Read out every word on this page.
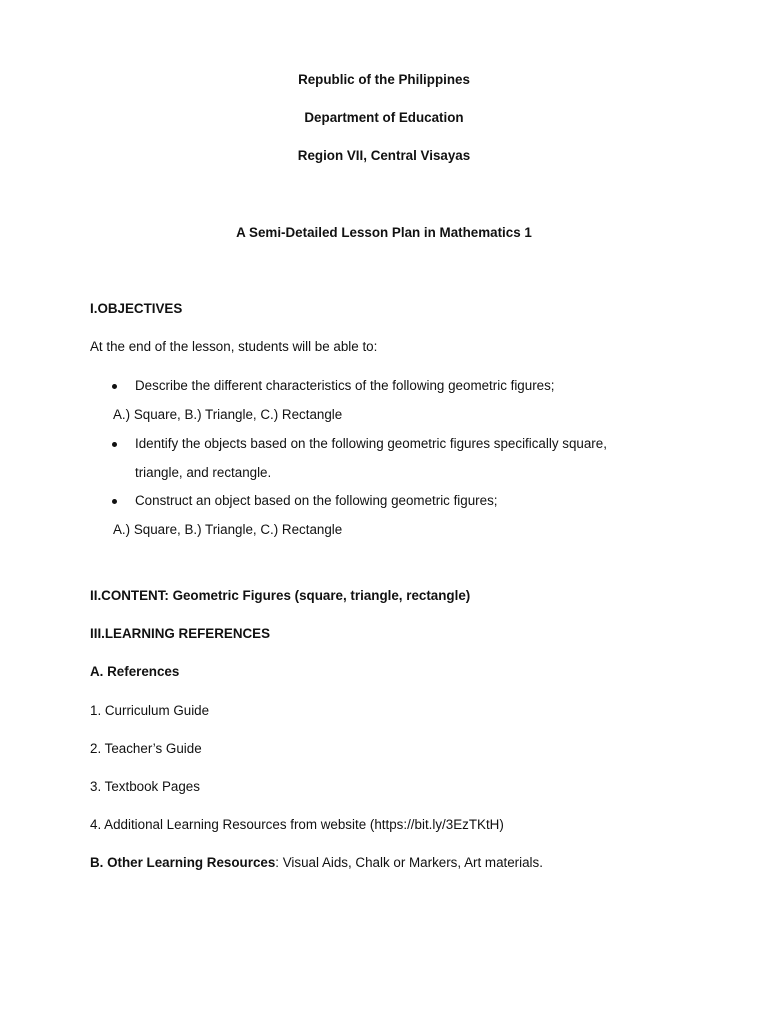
Republic of the Philippines
Department of Education
Region VII, Central Visayas
A Semi-Detailed Lesson Plan in Mathematics 1
I.OBJECTIVES
At the end of the lesson, students will be able to:
Describe the different characteristics of the following geometric figures;
A.) Square, B.) Triangle, C.) Rectangle
Identify the objects based on the following geometric figures specifically square,
triangle, and rectangle.
Construct an object based on the following geometric figures;
A.) Square, B.) Triangle, C.) Rectangle
II.CONTENT: Geometric Figures (square, triangle, rectangle)
III.LEARNING REFERENCES
A. References
1. Curriculum Guide
2. Teacher’s Guide
3. Textbook Pages
4. Additional Learning Resources from website (https://bit.ly/3EzTKtH)
B. Other Learning Resources: Visual Aids, Chalk or Markers, Art materials.
